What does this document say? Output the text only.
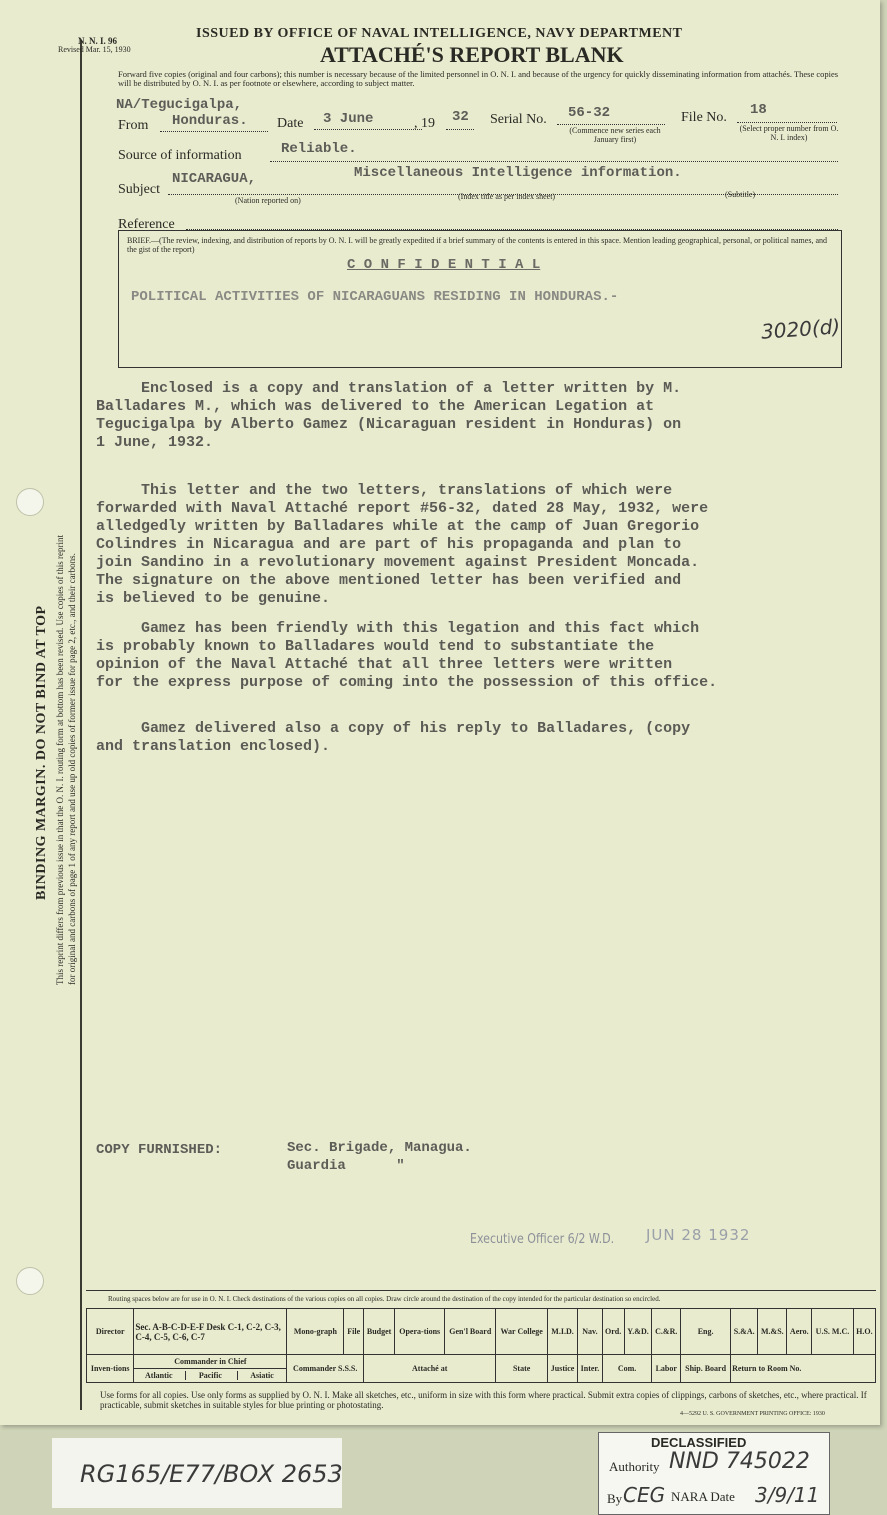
BINDING MARGIN. DO NOT BIND AT TOP This reprint differs from previous issue in that the O. N. I. routing form at bottom has been revised. Use copies of this reprint for original and carbons of page 1 of any report and use up old copies of former issue for page 2, etc., and their carbons.
N. N. I. 96
Revised Mar. 15, 1930
ISSUED BY OFFICE OF NAVAL INTELLIGENCE, NAVY DEPARTMENT
ATTACHÉ'S REPORT BLANK
Forward five copies (original and four carbons); this number is necessary because of the limited personnel in O. N. I. and because of the urgency for quickly disseminating information from attachés. These copies will be distributed by O. N. I. as per footnote or elsewhere, according to subject matter.
NA/Tegucigalpa,
From Honduras. Date 3 June	, 19 32 Serial No. 56-32
(Commence new series each January first)
File No. 18
(Select proper number from O. N. I. index)
Source of information	Reliable.
Subject
NICARAGUA,	Miscellaneous Intelligence information.
(Nation reported on)	(Index title as per index sheet)	(Subtitle)
Reference
BRIEF.—(The review, indexing, and distribution of reports by O. N. I. will be greatly expedited if a brief summary of the contents is entered in this space. Mention leading geographical, personal, or political names, and the gist of the report)
C O N F I D E N T I A L
POLITICAL ACTIVITIES OF NICARAGUANS RESIDING IN HONDURAS.-
3020(d)
Enclosed is a copy and translation of a letter written by M.
Balladares M., which was delivered to the American Legation at
Tegucigalpa by Alberto Gamez (Nicaraguan resident in Honduras) on
1 June, 1932.
This letter and the two letters, translations of which were
forwarded with Naval Attaché report #56-32, dated 28 May, 1932, were
alledgedly written by Balladares while at the camp of Juan Gregorio
Colindres in Nicaragua and are part of his propaganda and plan to
join Sandino in a revolutionary movement against President Moncada.
The signature on the above mentioned letter has been verified and
is believed to be genuine.
Gamez has been friendly with this legation and this fact which
is probably known to Balladares would tend to substantiate the
opinion of the Naval Attaché that all three letters were written
for the express purpose of coming into the possession of this office.
Gamez delivered also a copy of his reply to Balladares, (copy
and translation enclosed).
COPY FURNISHED:	Sec. Brigade, Managua.
Guardia      "
Executive Officer 6/2 W.D. JUN 28 1932
Routing spaces below are for use in O. N. I. Check destinations of the various copies on all copies. Draw circle around the destination of the copy intended for the particular destination so encircled.
Director	Sec. A-B-C-D-E-F Desk C-1, C-2, C-3, C-4, C-5, C-6, C-7	Mono-graph	File	Budget	Opera-tions	Gen'l Board	War College	M.I.D.	Nav.	Ord.	Y.&D.	C.&R.	Eng.	S.&A.	M.&S.	Aero.	U.S. M.C.	H.O.
Inven-tions	Commander in Chief	Commander S.S.S.		Attaché at			State	Justice	Inter.	Com.		Labor	Ship. Board	Return to Room No.				
	Atlantic Pacific Asiatic																	
Use forms for all copies. Use only forms as supplied by O. N. I. Make all sketches, etc., uniform in size with this form where practical. Submit extra copies of clippings, carbons of sketches, etc., where practical. If practicable, submit sketches in suitable styles for blue printing or photostating.
4—5292 U. S. GOVERNMENT PRINTING OFFICE: 1930
RG165/E77/BOX 2653
DECLASSIFIED
Authority NND 745022
By CEG NARA Date 3/9/11
